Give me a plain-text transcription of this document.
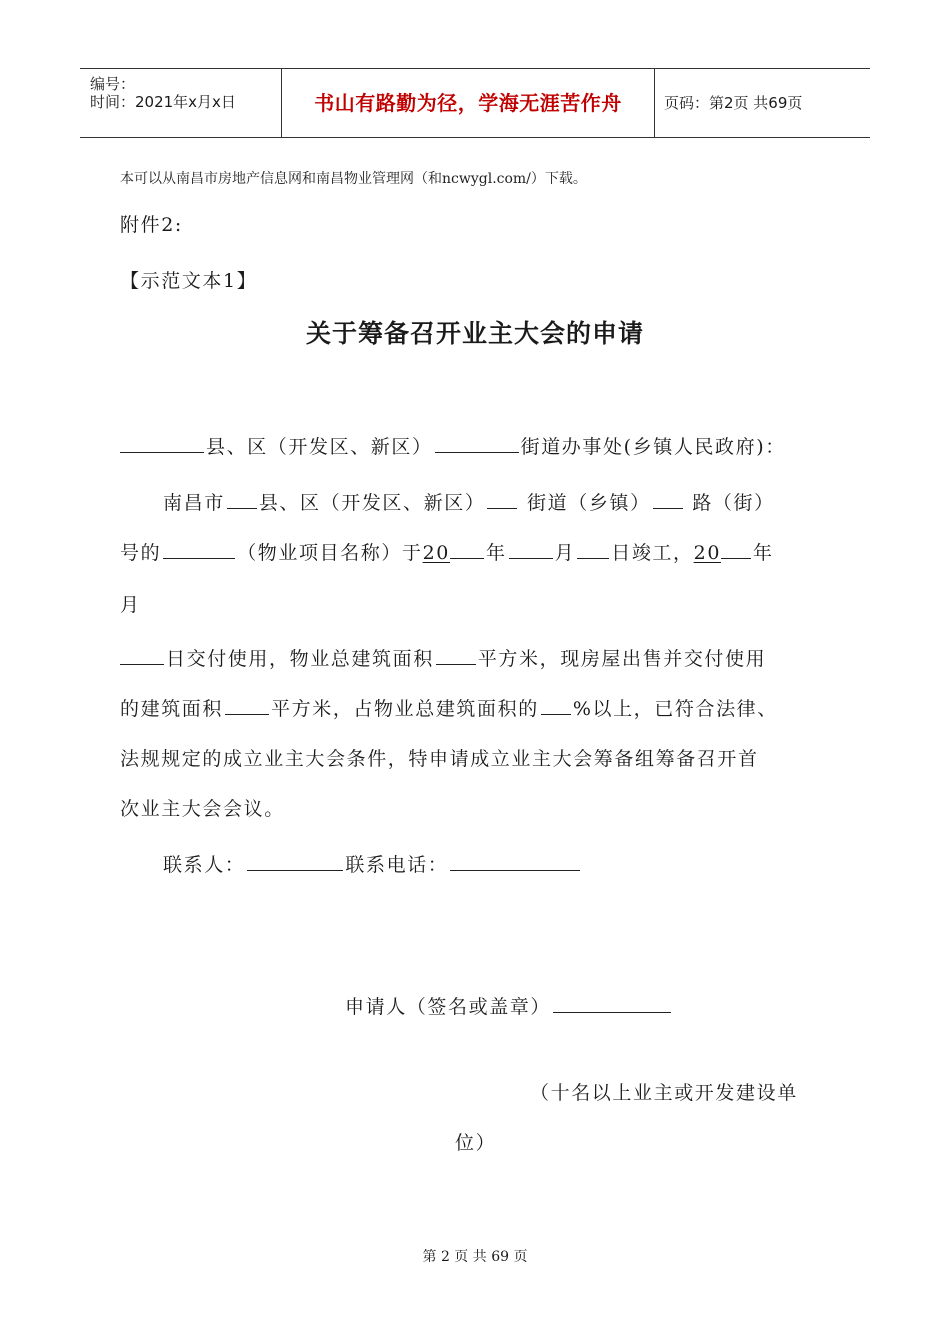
编号：
时间：2021年x月x日	书山有路勤为径，学海无涯苦作舟	页码：第2页 共69页
本可以从南昌市房地产信息网和南昌物业管理网（和ncwygl.com/）下载。
附件2:
【示范文本1】
关于筹备召开业主大会的申请
县、区（开发区、新区）	街道办事处(乡镇人民政府)：
南昌市 县、区（开发区、新区） 街道（乡镇） 路（街）
号的	（物业项目名称）于20 年	月 日竣工，20 年
月
日交付使用，物业总建筑面积 平方米，现房屋出售并交付使用
的建筑面积	平方米，占物业总建筑面积的 %以上，已符合法律、
法规规定的成立业主大会条件，特申请成立业主大会筹备组筹备召开首
次业主大会会议。
联系人：	联系电话：
申请人（签名或盖章）
（十名以上业主或开发建设单
位）
第 2 页 共 69 页
